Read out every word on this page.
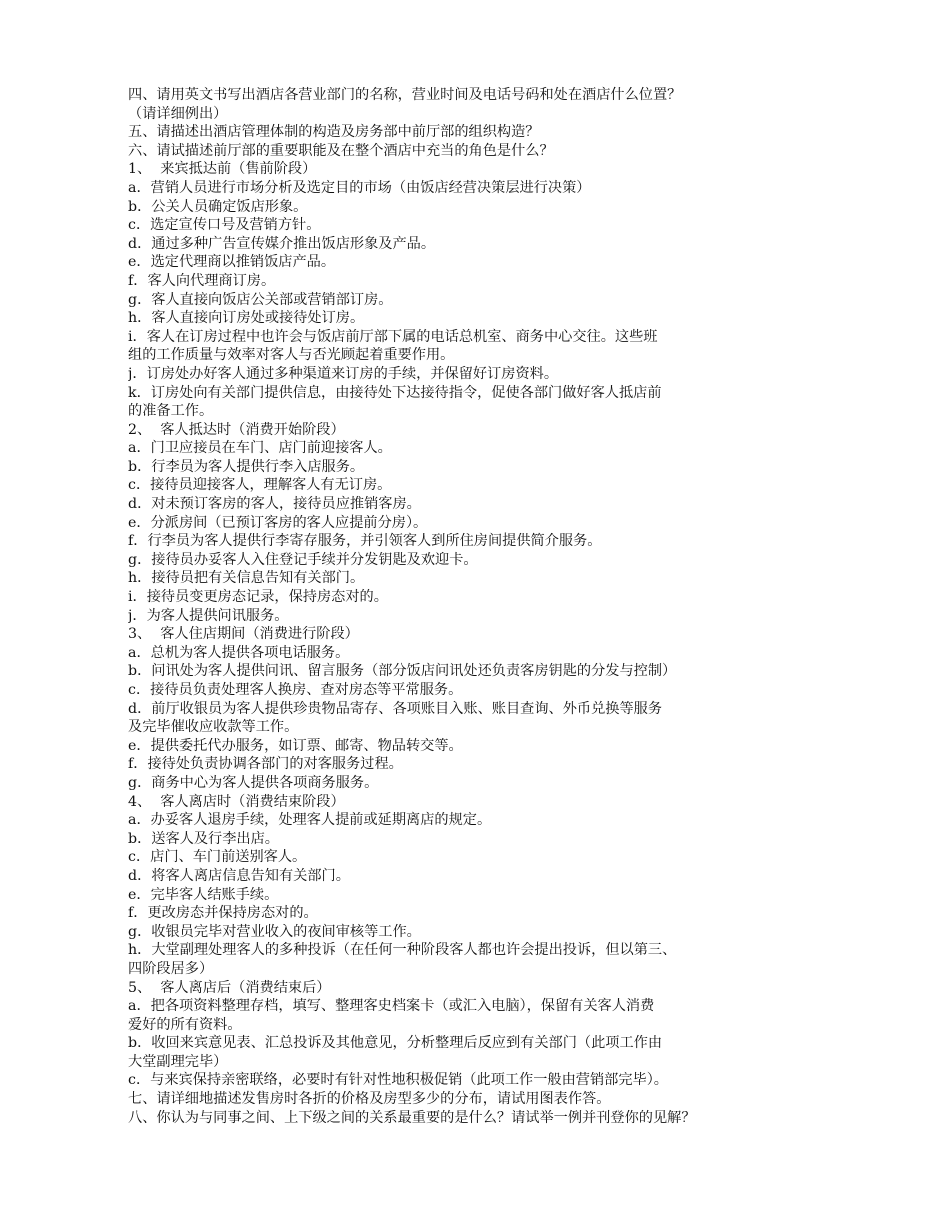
四、请用英文书写出酒店各营业部门的名称，营业时间及电话号码和处在酒店什么位置？
（请详细例出）
五、请描述出酒店管理体制的构造及房务部中前厅部的组织构造？
六、请试描述前厅部的重要职能及在整个酒店中充当的角色是什么？
1、  来宾抵达前（售前阶段）
a．营销人员进行市场分析及选定目的市场（由饭店经营决策层进行决策）
b．公关人员确定饭店形象。
c．选定宣传口号及营销方针。
d．通过多种广告宣传媒介推出饭店形象及产品。
e．选定代理商以推销饭店产品。
f．客人向代理商订房。
g．客人直接向饭店公关部或营销部订房。
h．客人直接向订房处或接待处订房。
i．客人在订房过程中也许会与饭店前厅部下属的电话总机室、商务中心交往。这些班
组的工作质量与效率对客人与否光顾起着重要作用。
j．订房处办好客人通过多种渠道来订房的手续，并保留好订房资料。
k．订房处向有关部门提供信息，由接待处下达接待指令，促使各部门做好客人抵店前
的准备工作。
2、  客人抵达时（消费开始阶段）
a．门卫应接员在车门、店门前迎接客人。
b．行李员为客人提供行李入店服务。
c．接待员迎接客人，理解客人有无订房。
d．对未预订客房的客人，接待员应推销客房。
e．分派房间（已预订客房的客人应提前分房）。
f．行李员为客人提供行李寄存服务，并引领客人到所住房间提供简介服务。
g．接待员办妥客人入住登记手续并分发钥匙及欢迎卡。
h．接待员把有关信息告知有关部门。
i．接待员变更房态记录，保持房态对的。
j．为客人提供问讯服务。
3、  客人住店期间（消费进行阶段）
a．总机为客人提供各项电话服务。
b．问讯处为客人提供问讯、留言服务（部分饭店问讯处还负责客房钥匙的分发与控制）
c．接待员负责处理客人换房、查对房态等平常服务。
d．前厅收银员为客人提供珍贵物品寄存、各项账目入账、账目查询、外币兑换等服务
及完毕催收应收款等工作。
e．提供委托代办服务，如订票、邮寄、物品转交等。
f．接待处负责协调各部门的对客服务过程。
g．商务中心为客人提供各项商务服务。
4、  客人离店时（消费结束阶段）
a．办妥客人退房手续，处理客人提前或延期离店的规定。
b．送客人及行李出店。
c．店门、车门前送别客人。
d．将客人离店信息告知有关部门。
e．完毕客人结账手续。
f．更改房态并保持房态对的。
g．收银员完毕对营业收入的夜间审核等工作。
h．大堂副理处理客人的多种投诉（在任何一种阶段客人都也许会提出投诉，但以第三、
四阶段居多）
5、  客人离店后（消费结束后）
a．把各项资料整理存档，填写、整理客史档案卡（或汇入电脑），保留有关客人消费
爱好的所有资料。
b．收回来宾意见表、汇总投诉及其他意见，分析整理后反应到有关部门（此项工作由
大堂副理完毕）
c．与来宾保持亲密联络，必要时有针对性地积极促销（此项工作一般由营销部完毕）。
七、请详细地描述发售房时各折的价格及房型多少的分布，请试用图表作答。
八、你认为与同事之间、上下级之间的关系最重要的是什么？请试举一例并刊登你的见解？
